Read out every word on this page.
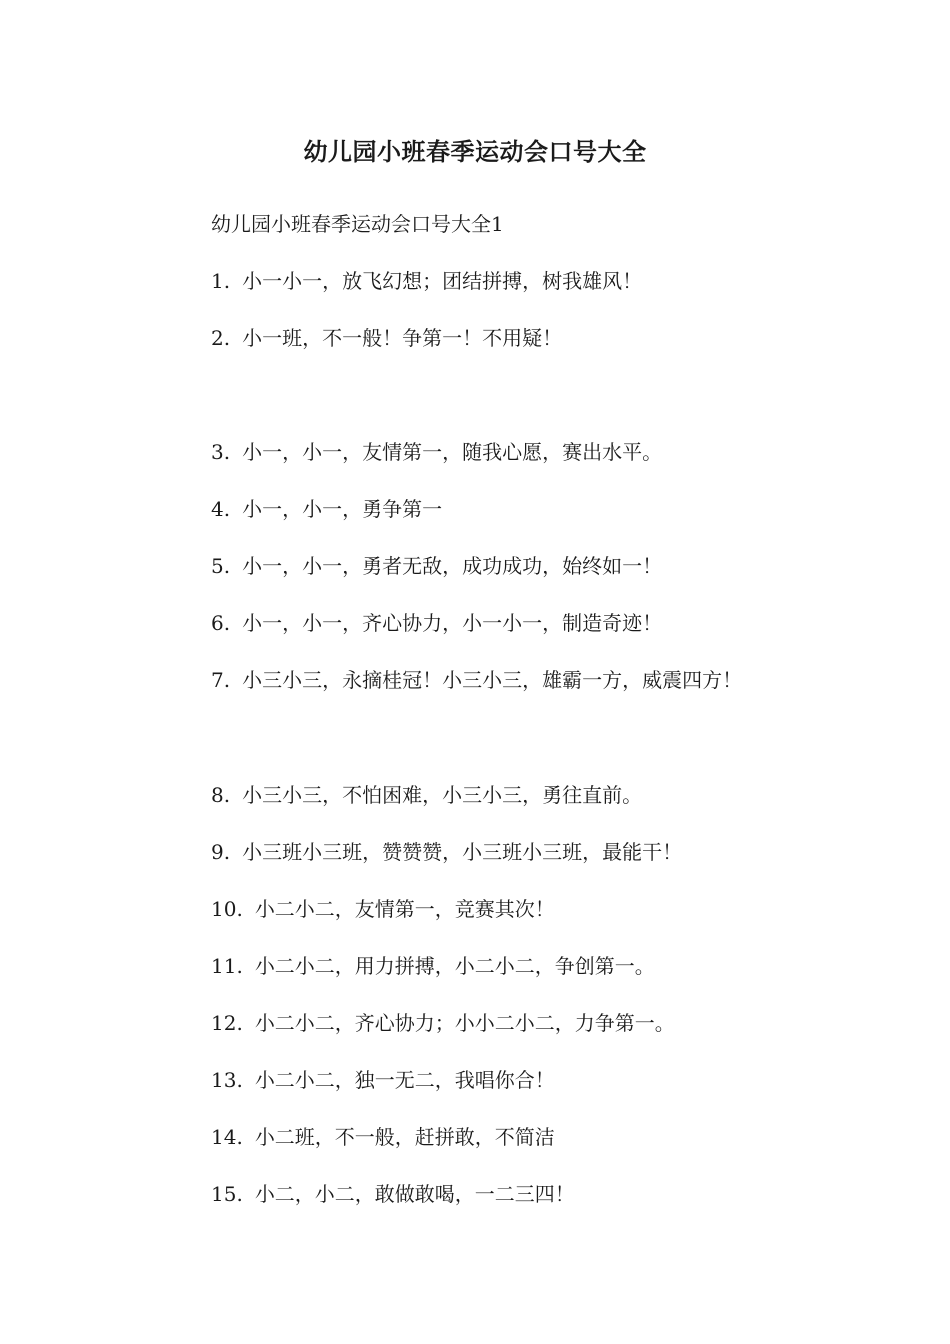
幼儿园小班春季运动会口号大全
幼儿园小班春季运动会口号大全1
1. 小一小一，放飞幻想；团结拼搏，树我雄风！
2. 小一班，不一般！争第一！不用疑！
3. 小一，小一，友情第一，随我心愿，赛出水平。
4. 小一，小一，勇争第一
5. 小一，小一，勇者无敌，成功成功，始终如一！
6. 小一，小一，齐心协力，小一小一，制造奇迹！
7. 小三小三，永摘桂冠！小三小三，雄霸一方，威震四方！
8. 小三小三，不怕困难，小三小三，勇往直前。
9. 小三班小三班，赞赞赞，小三班小三班，最能干！
10. 小二小二，友情第一，竞赛其次！
11. 小二小二，用力拼搏，小二小二，争创第一。
12. 小二小二，齐心协力；小小二小二，力争第一。
13. 小二小二，独一无二，我唱你合！
14. 小二班，不一般，赶拼敢，不简洁
15. 小二，小二，敢做敢喝，一二三四！
